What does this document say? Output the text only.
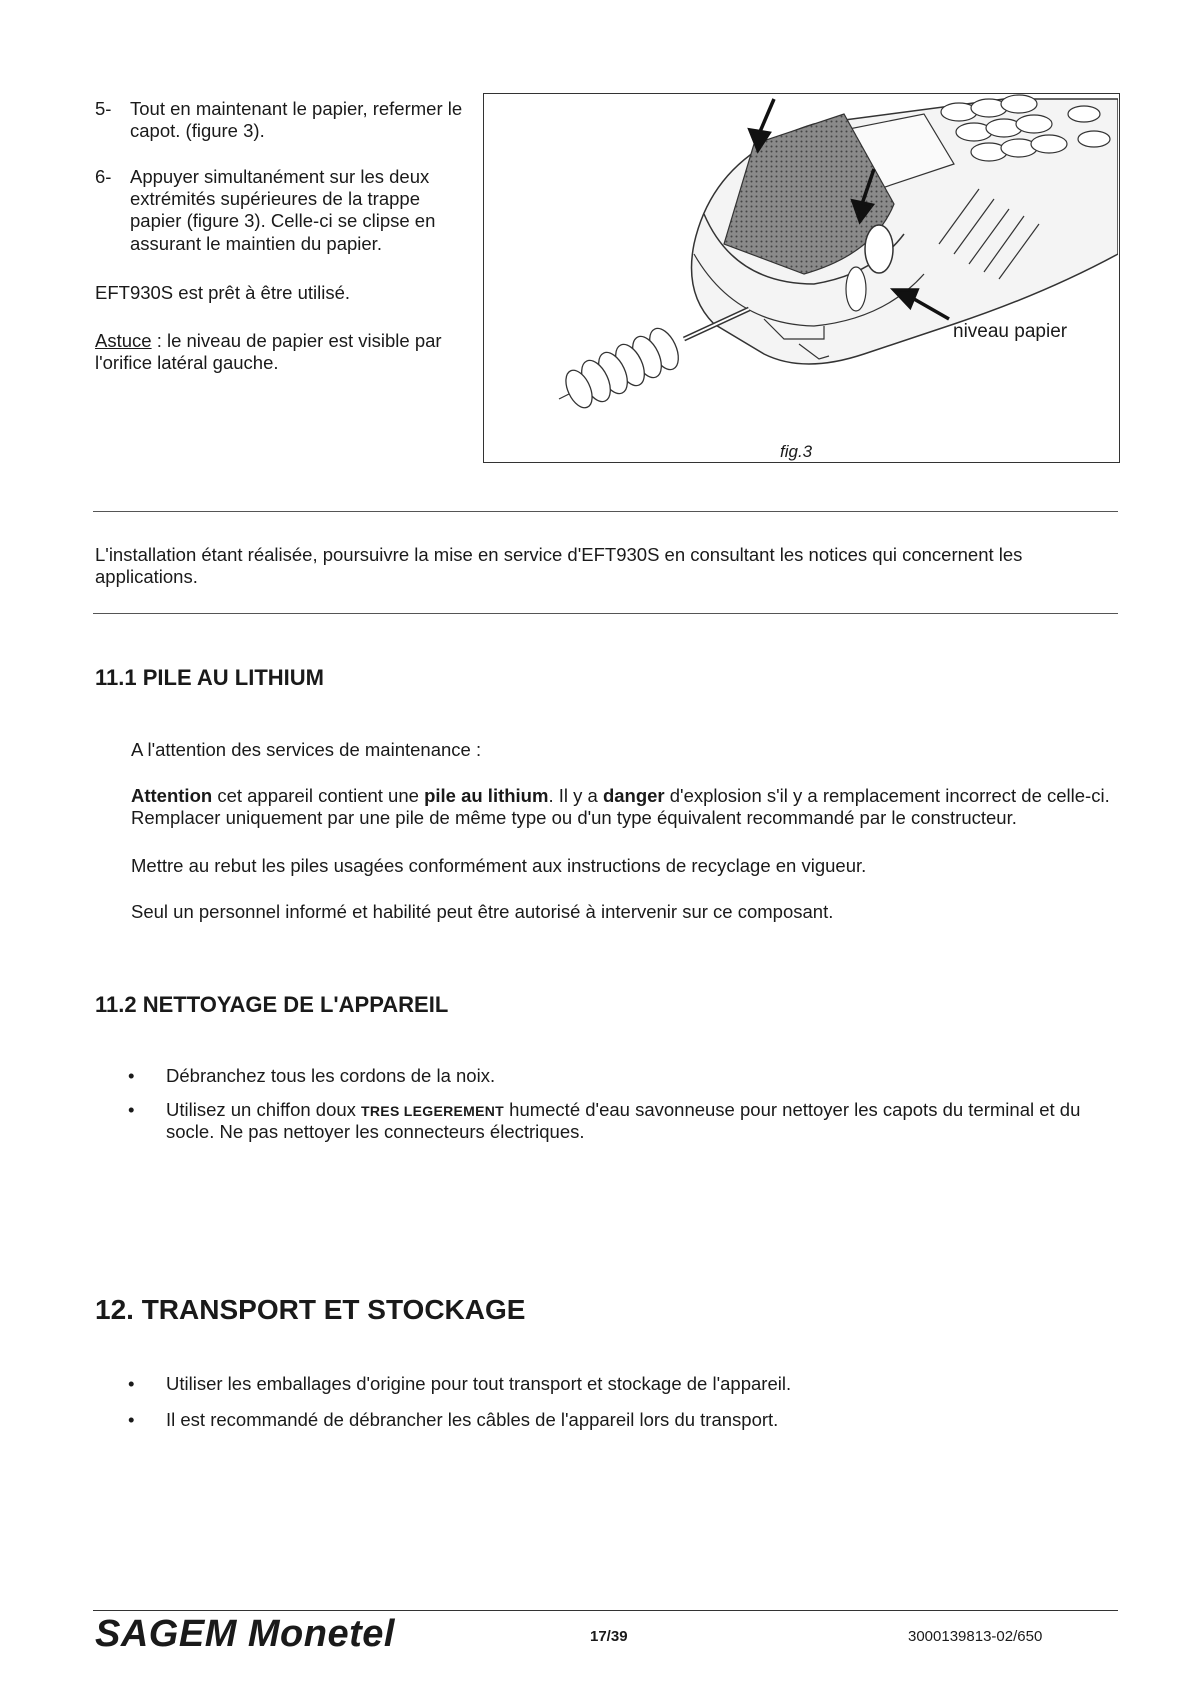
5- Tout en maintenant le papier, refermer le capot. (figure 3).
6- Appuyer simultanément sur les deux extrémités supérieures de la trappe papier (figure 3). Celle-ci se clipse en assurant le maintien du papier.
EFT930S est prêt à être utilisé.
Astuce : le niveau de papier est visible par l'orifice latéral gauche.
niveau papier
fig.3
L'installation étant réalisée, poursuivre la mise en service d'EFT930S en consultant les notices qui concernent les applications.
11.1 PILE AU LITHIUM
A l'attention des services de maintenance :
Attention cet appareil contient une pile au lithium. Il y a danger d'explosion s'il y a remplacement incorrect de celle-ci. Remplacer uniquement par une pile de même type ou d'un type équivalent recommandé par le constructeur.
Mettre au rebut les piles usagées conformément aux instructions de recyclage en vigueur.
Seul un personnel informé et habilité peut être autorisé à intervenir sur ce composant.
11.2 NETTOYAGE DE L'APPAREIL
• Débranchez tous les cordons de la noix.
• Utilisez un chiffon doux TRES LEGEREMENT humecté d'eau savonneuse pour nettoyer les capots du terminal et du socle. Ne pas nettoyer les connecteurs électriques.
12. TRANSPORT ET STOCKAGE
• Utiliser les emballages d'origine pour tout transport et stockage de l'appareil.
• Il est recommandé de débrancher les câbles de l'appareil lors du transport.
SAGEM Monetel	17/39	3000139813-02/650
